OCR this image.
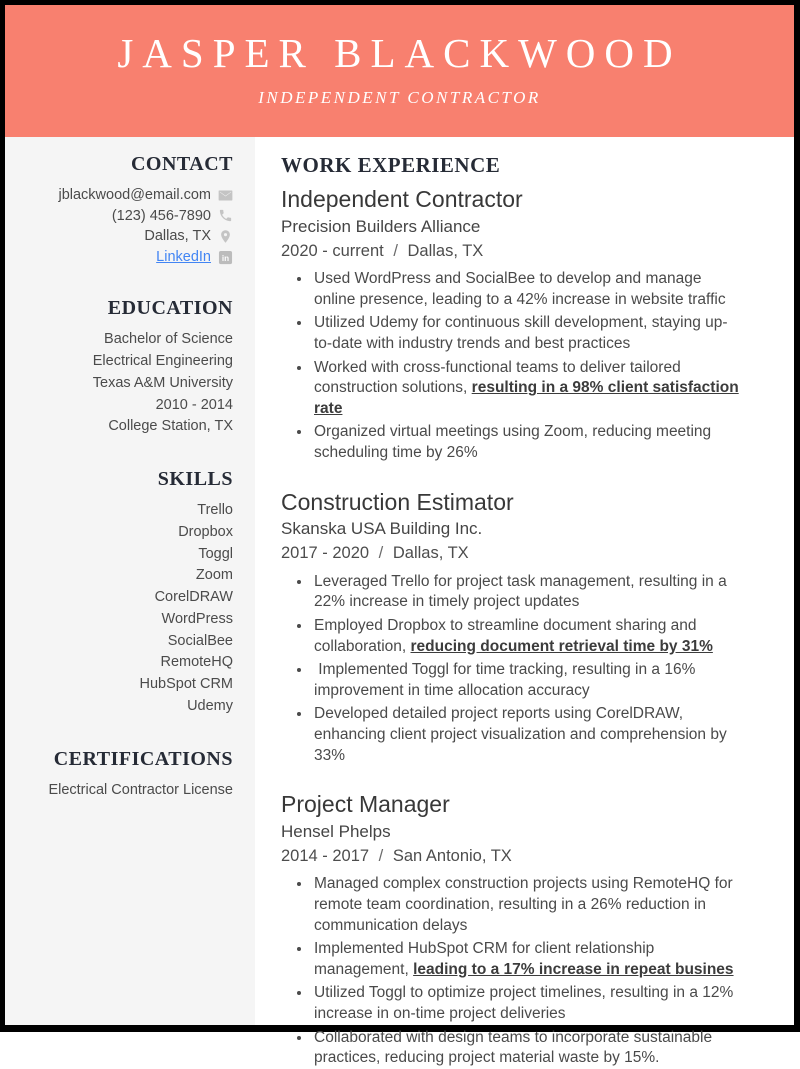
JASPER BLACKWOOD
INDEPENDENT CONTRACTOR
CONTACT
jblackwood@email.com
(123) 456-7890
Dallas, TX
LinkedIn in
EDUCATION
Bachelor of Science
Electrical Engineering
Texas A&M University
2010 - 2014
College Station, TX
SKILLS
Trello
Dropbox
Toggl
Zoom
CorelDRAW
WordPress
SocialBee
RemoteHQ
HubSpot CRM
Udemy
CERTIFICATIONS
Electrical Contractor License
WORK EXPERIENCE
Independent Contractor
Precision Builders Alliance
2020 - current / Dallas, TX
• Used WordPress and SocialBee to develop and manage online presence, leading to a 42% increase in website traffic
• Utilized Udemy for continuous skill development, staying up-to-date with industry trends and best practices
• Worked with cross-functional teams to deliver tailored construction solutions, resulting in a 98% client satisfaction rate
• Organized virtual meetings using Zoom, reducing meeting scheduling time by 26%
Construction Estimator
Skanska USA Building Inc.
2017 - 2020 / Dallas, TX
• Leveraged Trello for project task management, resulting in a 22% increase in timely project updates
• Employed Dropbox to streamline document sharing and collaboration, reducing document retrieval time by 31%
•  Implemented Toggl for time tracking, resulting in a 16% improvement in time allocation accuracy
• Developed detailed project reports using CorelDRAW, enhancing client project visualization and comprehension by 33%
Project Manager
Hensel Phelps
2014 - 2017 / San Antonio, TX
• Managed complex construction projects using RemoteHQ for remote team coordination, resulting in a 26% reduction in communication delays
• Implemented HubSpot CRM for client relationship management, leading to a 17% increase in repeat busines
• Utilized Toggl to optimize project timelines, resulting in a 12% increase in on-time project deliveries
• Collaborated with design teams to incorporate sustainable practices, reducing project material waste by 15%.
